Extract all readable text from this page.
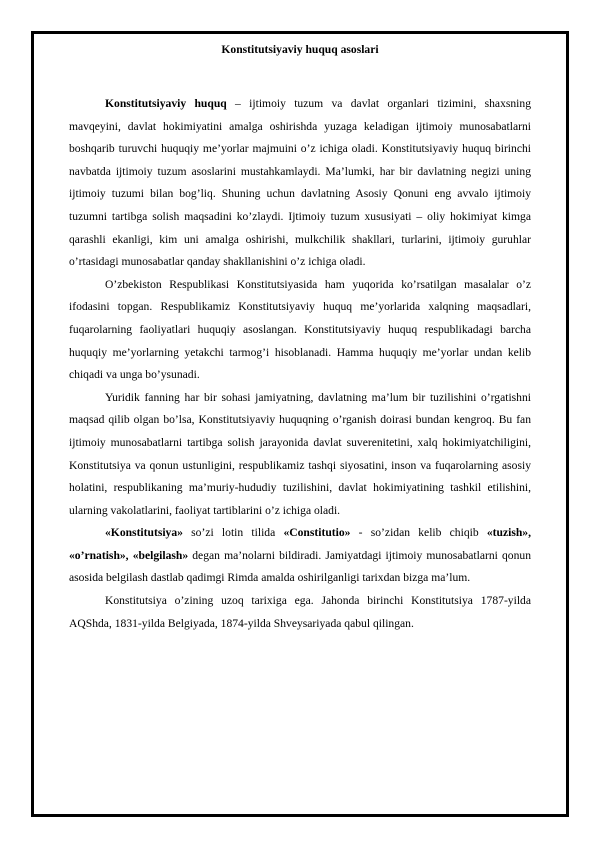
Konstitutsiyaviy huquq asoslari

Konstitutsiyaviy huquq – ijtimoiy tuzum va davlat organlari tizimini, shaxsning mavqeyini, davlat hokimiyatini amalga oshirishda yuzaga keladigan ijtimoiy munosabatlarni boshqarib turuvchi huquqiy me’yorlar majmuini o’z ichiga oladi. Konstitutsiyaviy huquq birinchi navbatda ijtimoiy tuzum asoslarini mustahkamlaydi. Ma’lumki, har bir davlatning negizi uning ijtimoiy tuzumi bilan bog’liq. Shuning uchun davlatning Asosiy Qonuni eng avvalo ijtimoiy tuzumni tartibga solish maqsadini ko’zlaydi. Ijtimoiy tuzum xususiyati – oliy hokimiyat kimga qarashli ekanligi, kim uni amalga oshirishi, mulkchilik shakllari, turlarini, ijtimoiy guruhlar o’rtasidagi munosabatlar qanday shakllanishini o’z ichiga oladi.

O’zbekiston Respublikasi Konstitutsiyasida ham yuqorida ko’rsatilgan masalalar o’z ifodasini topgan. Respublikamiz Konstitutsiyaviy huquq me’yorlarida xalqning maqsadlari, fuqarolarning faoliyatlari huquqiy asoslangan. Konstitutsiyaviy huquq respublikadagi barcha huquqiy me’yorlarning yetakchi tarmog’i hisoblanadi. Hamma huquqiy me’yorlar undan kelib chiqadi va unga bo’ysunadi.

Yuridik fanning har bir sohasi jamiyatning, davlatning ma’lum bir tuzilishini o’rgatishni maqsad qilib olgan bo’lsa, Konstitutsiyaviy huquqning o’rganish doirasi bundan kengroq. Bu fan ijtimoiy munosabatlarni tartibga solish jarayonida davlat suverenitetini, xalq hokimiyatchiligini, Konstitutsiya va qonun ustunligini, respublikamiz tashqi siyosatini, inson va fuqarolarning asosiy holatini, respublikaning ma’muriy-hududiy tuzilishini, davlat hokimiyatining tashkil etilishini, ularning vakolatlarini, faoliyat tartiblarini o’z ichiga oladi.

«Konstitutsiya» so’zi lotin tilida «Constitutio» - so’zidan kelib chiqib «tuzish», «o’rnatish», «belgilash» degan ma’nolarni bildiradi. Jamiyatdagi ijtimoiy munosabatlarni qonun asosida belgilash dastlab qadimgi Rimda amalda oshirilganligi tarixdan bizga ma’lum.

Konstitutsiya o’zining uzoq tarixiga ega. Jahonda birinchi Konstitutsiya 1787-yilda AQShda, 1831-yilda Belgiyada, 1874-yilda Shveysariyada qabul qilingan.
